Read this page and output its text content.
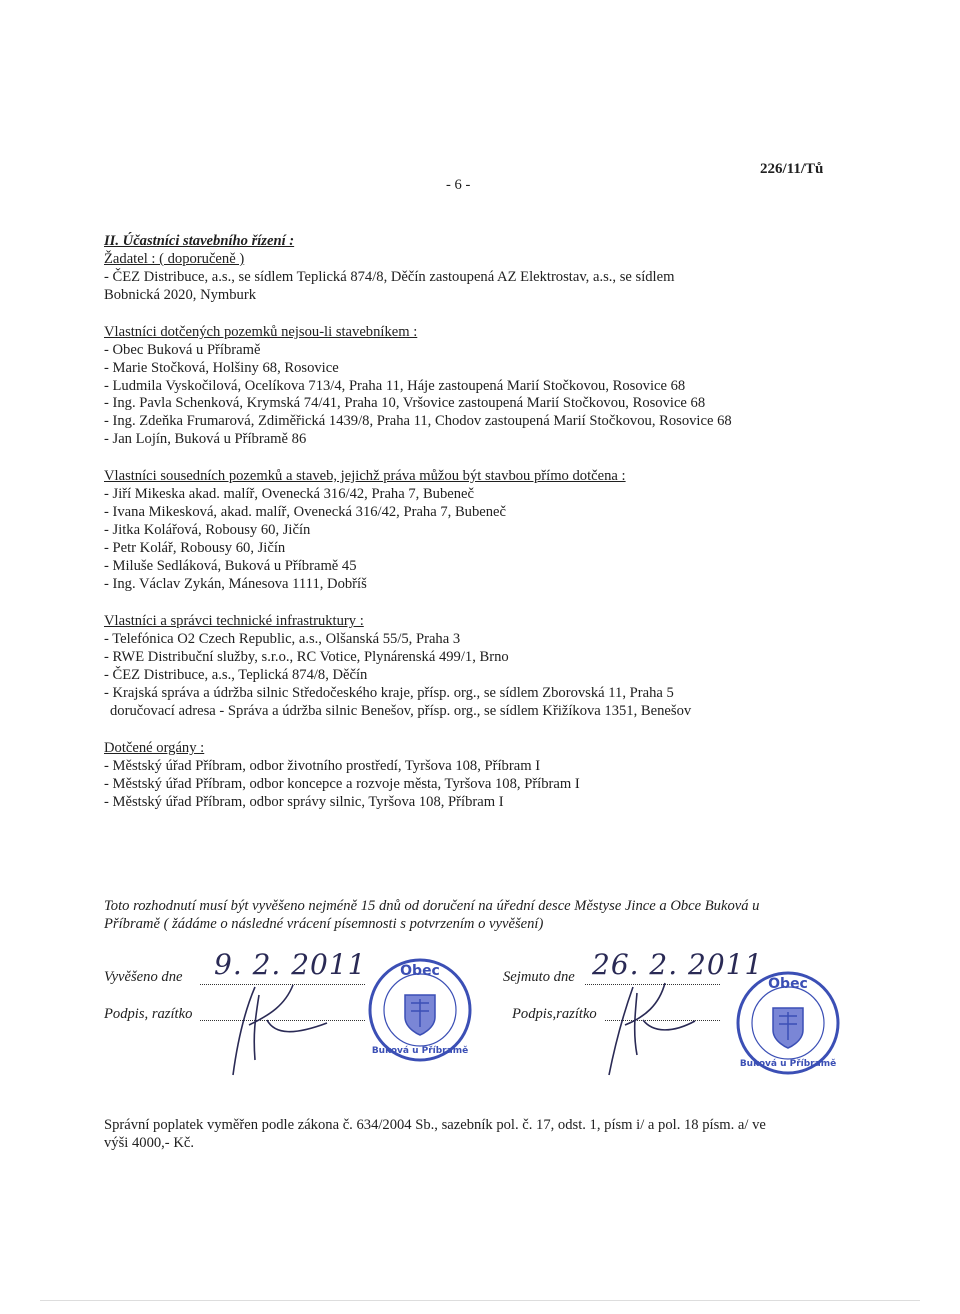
- 6 -
226/11/Tů
II. Účastníci stavebního řízení :
Žadatel : ( doporučeně )
- ČEZ Distribuce, a.s., se sídlem Teplická 874/8, Děčín zastoupená AZ Elektrostav, a.s., se sídlem
Bobnická 2020, Nymburk
Vlastníci dotčených pozemků nejsou-li stavebníkem :
- Obec Buková u Příbramě
- Marie Stočková, Holšiny 68, Rosovice
- Ludmila Vyskočilová, Ocelíkova 713/4, Praha 11, Háje zastoupená Marií Stočkovou, Rosovice 68
- Ing. Pavla Schenková, Krymská 74/41, Praha 10, Vršovice zastoupená Marií Stočkovou, Rosovice 68
- Ing. Zdeňka Frumarová, Zdiměřická 1439/8, Praha 11, Chodov zastoupená Marií Stočkovou, Rosovice 68
- Jan Lojín, Buková u Příbramě 86
Vlastníci sousedních pozemků a staveb, jejichž práva můžou být stavbou přímo dotčena :
- Jiří Mikeska akad. malíř, Ovenecká 316/42, Praha 7, Bubeneč
- Ivana Mikesková, akad. malíř, Ovenecká 316/42, Praha 7, Bubeneč
- Jitka Kolářová, Robousy 60, Jičín
- Petr Kolář, Robousy 60, Jičín
- Miluše Sedláková, Buková u Příbramě 45
- Ing. Václav Zykán, Mánesova 1111, Dobříš
Vlastníci a správci technické infrastruktury :
- Telefónica O2 Czech Republic, a.s., Olšanská 55/5, Praha 3
- RWE Distribuční služby, s.r.o., RC Votice, Plynárenská 499/1, Brno
- ČEZ Distribuce, a.s., Teplická 874/8, Děčín
- Krajská správa a údržba silnic Středočeského kraje, přísp. org., se sídlem Zborovská 11, Praha 5
doručovací adresa - Správa a údržba silnic Benešov, přísp. org., se sídlem Křižíkova 1351, Benešov
Dotčené orgány :
- Městský úřad Příbram, odbor životního prostředí, Tyršova 108, Příbram I
- Městský úřad Příbram, odbor koncepce a rozvoje města, Tyršova 108, Příbram I
- Městský úřad Příbram, odbor správy silnic, Tyršova 108, Příbram I
Toto rozhodnutí musí být vyvěšeno nejméně 15 dnů od doručení na úřední desce Městyse Jince a Obce Buková u
Příbramě ( žádáme o následné vrácení písemnosti s potvrzením o vyvěšení)
Vyvěšeno dne 9. 2. 2011
Podpis, razítko
Obec
Buková u Příbramě
Sejmuto dne 26. 2. 2011
Podpis,razítko
Obec
Buková u Příbramě
Správní poplatek vyměřen podle zákona č. 634/2004 Sb., sazebník pol. č. 17, odst. 1, písm i/ a pol. 18 písm. a/ ve
výši 4000,- Kč.
